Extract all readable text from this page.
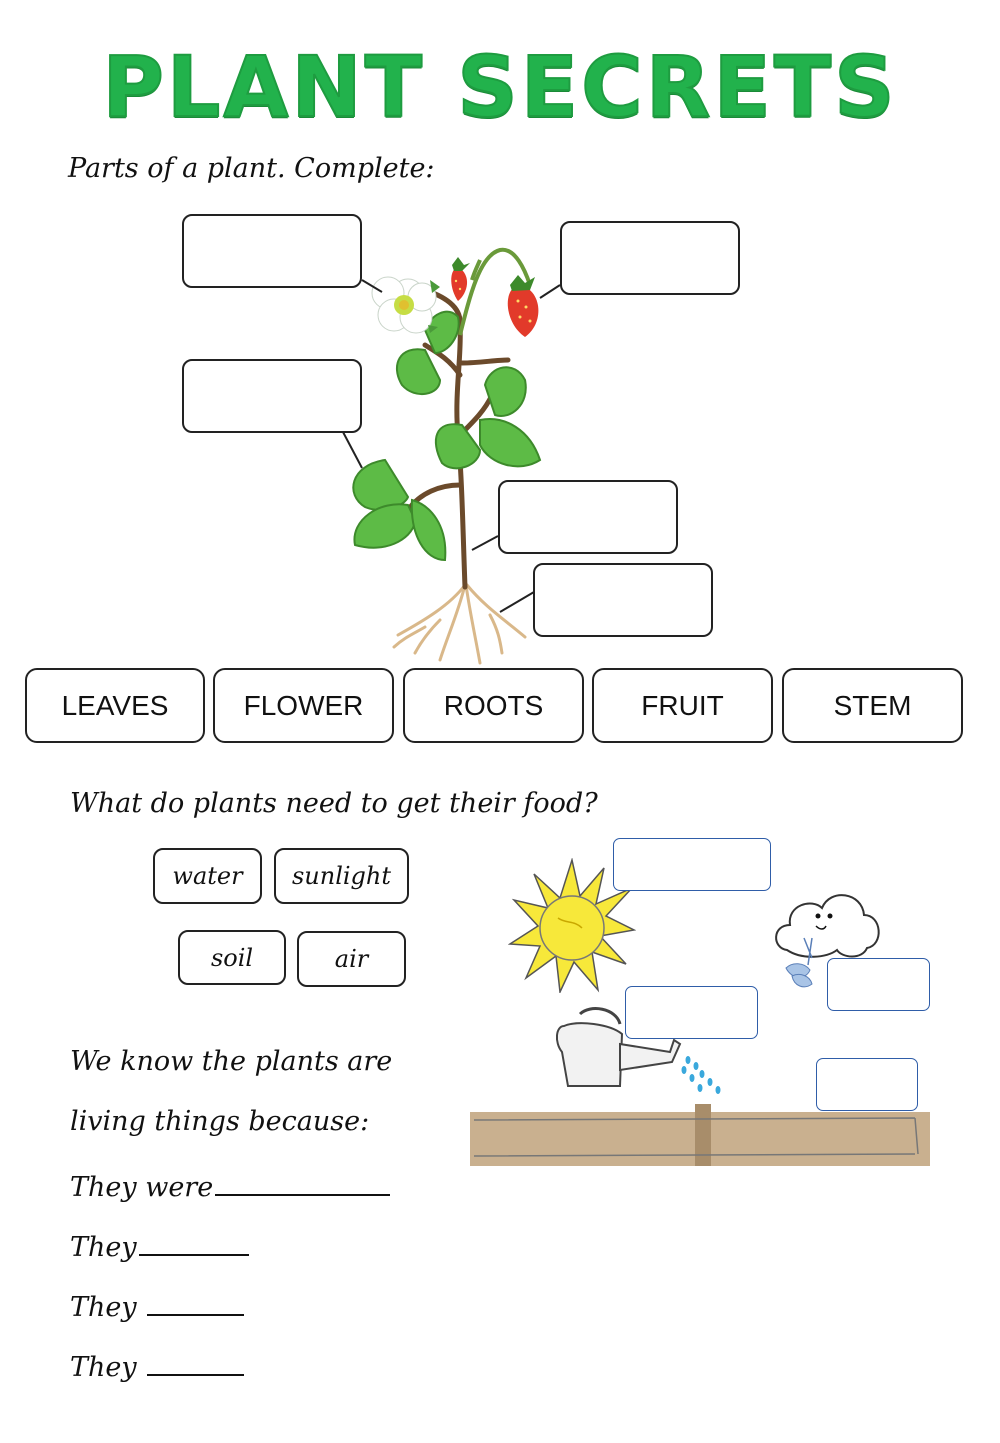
PLANT SECRETS
Parts of a plant. Complete:
LEAVES	FLOWER	ROOTS	FRUIT	STEM
What do plants need to get their food?
water	sunlight
soil	air
We know the plants are
living things because:
They were
They
They
They
